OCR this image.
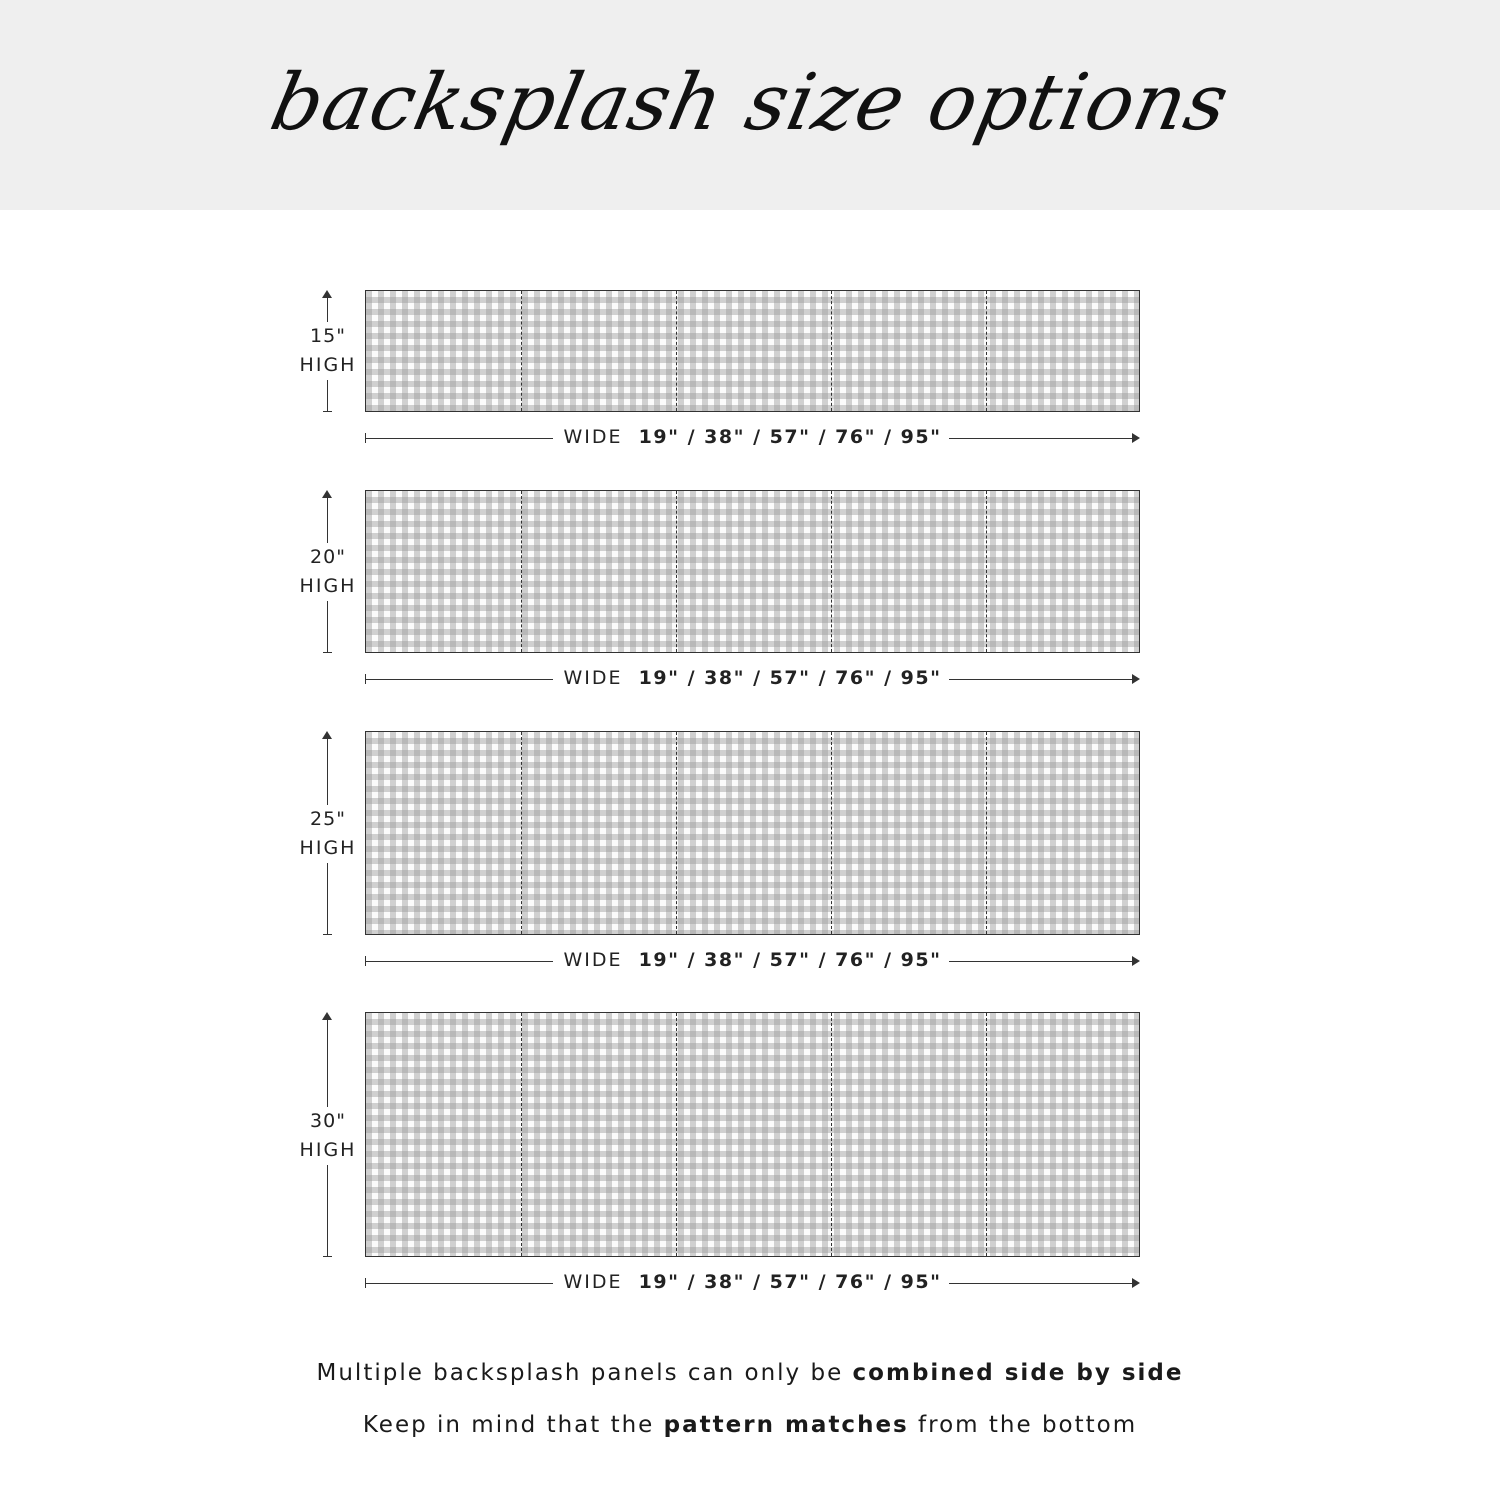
backsplash size options
15"
HIGH
WIDE 19" / 38" / 57" / 76" / 95"
20"
HIGH
WIDE 19" / 38" / 57" / 76" / 95"
25"
HIGH
WIDE 19" / 38" / 57" / 76" / 95"
30"
HIGH
WIDE 19" / 38" / 57" / 76" / 95"
Multiple backsplash panels can only be combined side by side
Keep in mind that the pattern matches from the bottom
